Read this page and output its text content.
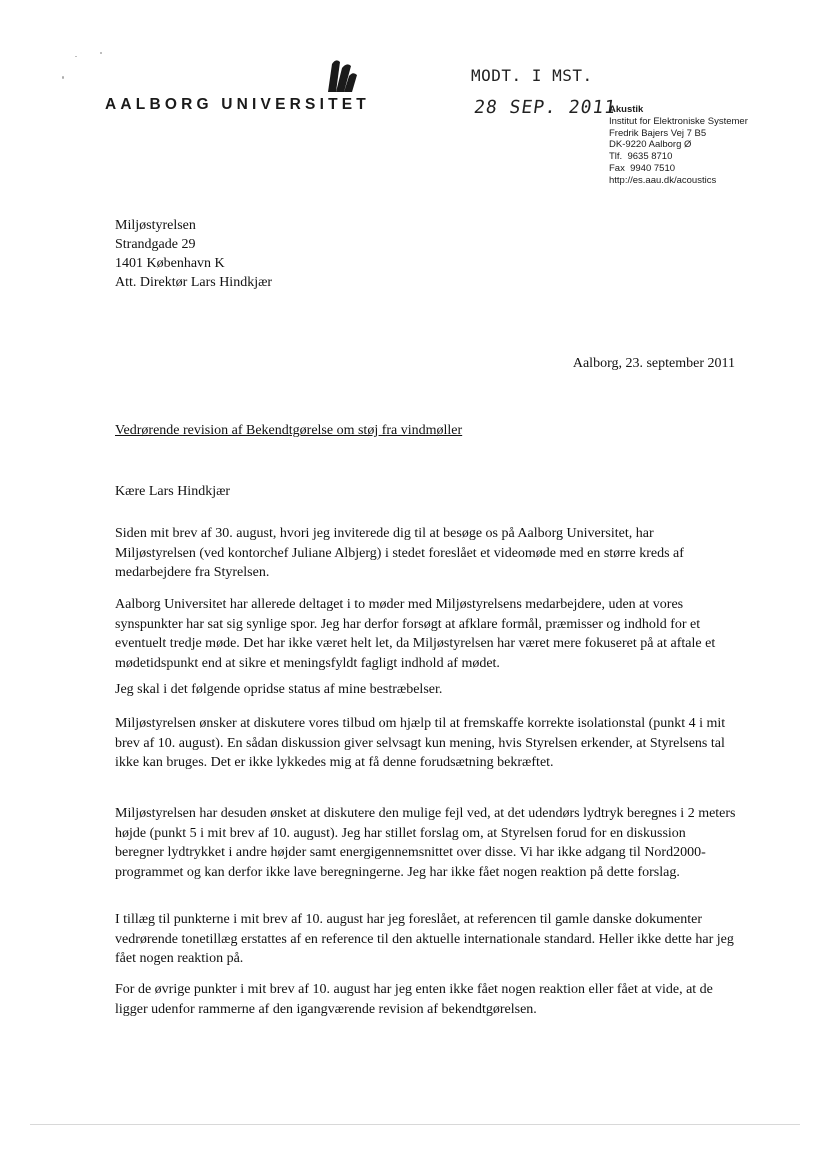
AALBORG UNIVERSITET
MODT. I MST.
28 SEP. 2011
Akustik
Institut for Elektroniske Systemer
Fredrik Bajers Vej 7 B5
DK-9220 Aalborg Ø
Tlf.  9635 8710
Fax  9940 7510
http://es.aau.dk/acoustics
Miljøstyrelsen
Strandgade 29
1401 København K
Att. Direktør Lars Hindkjær
Aalborg, 23. september 2011
Vedrørende revision af Bekendtgørelse om støj fra vindmøller
Kære Lars Hindkjær

Siden mit brev af 30. august, hvori jeg inviterede dig til at besøge os på Aalborg Universitet, har Miljøstyrelsen (ved kontorchef Juliane Albjerg) i stedet foreslået et videomøde med en større kreds af medarbejdere fra Styrelsen.

Aalborg Universitet har allerede deltaget i to møder med Miljøstyrelsens medarbejdere, uden at vores synspunkter har sat sig synlige spor. Jeg har derfor forsøgt at afklare formål, præmisser og indhold for et eventuelt tredje møde. Det har ikke været helt let, da Miljøstyrelsen har været mere fokuseret på at aftale et mødetidspunkt end at sikre et meningsfyldt fagligt indhold af mødet.

Jeg skal i det følgende opridse status af mine bestræbelser.

Miljøstyrelsen ønsker at diskutere vores tilbud om hjælp til at fremskaffe korrekte isolationstal (punkt 4 i mit brev af 10. august). En sådan diskussion giver selvsagt kun mening, hvis Styrelsen erkender, at Styrelsens tal ikke kan bruges. Det er ikke lykkedes mig at få denne forudsætning bekræftet.

Miljøstyrelsen har desuden ønsket at diskutere den mulige fejl ved, at det udendørs lydtryk beregnes i 2 meters højde (punkt 5 i mit brev af 10. august). Jeg har stillet forslag om, at Styrelsen forud for en diskussion beregner lydtrykket i andre højder samt energigennemsnittet over disse. Vi har ikke adgang til Nord2000-programmet og kan derfor ikke lave beregningerne. Jeg har ikke fået nogen reaktion på dette forslag.

I tillæg til punkterne i mit brev af 10. august har jeg foreslået, at referencen til gamle danske dokumenter vedrørende tonetillæg erstattes af en reference til den aktuelle internationale standard. Heller ikke dette har jeg fået nogen reaktion på.

For de øvrige punkter i mit brev af 10. august har jeg enten ikke fået nogen reaktion eller fået at vide, at de ligger udenfor rammerne af den igangværende revision af bekendtgørelsen.
